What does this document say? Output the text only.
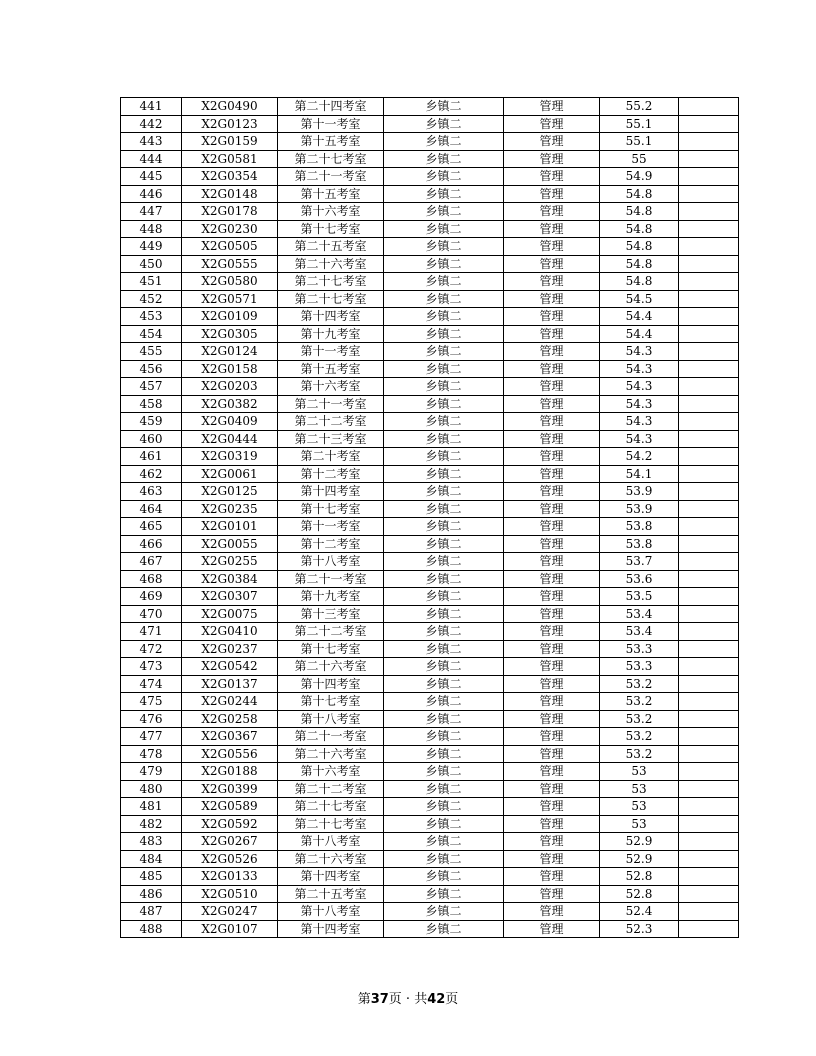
441	X2G0490	第二十四考室	乡镇二	管理	55.2	
442	X2G0123	第十一考室	乡镇二	管理	55.1	
443	X2G0159	第十五考室	乡镇二	管理	55.1	
444	X2G0581	第二十七考室	乡镇二	管理	55	
445	X2G0354	第二十一考室	乡镇二	管理	54.9	
446	X2G0148	第十五考室	乡镇二	管理	54.8	
447	X2G0178	第十六考室	乡镇二	管理	54.8	
448	X2G0230	第十七考室	乡镇二	管理	54.8	
449	X2G0505	第二十五考室	乡镇二	管理	54.8	
450	X2G0555	第二十六考室	乡镇二	管理	54.8	
451	X2G0580	第二十七考室	乡镇二	管理	54.8	
452	X2G0571	第二十七考室	乡镇二	管理	54.5	
453	X2G0109	第十四考室	乡镇二	管理	54.4	
454	X2G0305	第十九考室	乡镇二	管理	54.4	
455	X2G0124	第十一考室	乡镇二	管理	54.3	
456	X2G0158	第十五考室	乡镇二	管理	54.3	
457	X2G0203	第十六考室	乡镇二	管理	54.3	
458	X2G0382	第二十一考室	乡镇二	管理	54.3	
459	X2G0409	第二十二考室	乡镇二	管理	54.3	
460	X2G0444	第二十三考室	乡镇二	管理	54.3	
461	X2G0319	第二十考室	乡镇二	管理	54.2	
462	X2G0061	第十二考室	乡镇二	管理	54.1	
463	X2G0125	第十四考室	乡镇二	管理	53.9	
464	X2G0235	第十七考室	乡镇二	管理	53.9	
465	X2G0101	第十一考室	乡镇二	管理	53.8	
466	X2G0055	第十二考室	乡镇二	管理	53.8	
467	X2G0255	第十八考室	乡镇二	管理	53.7	
468	X2G0384	第二十一考室	乡镇二	管理	53.6	
469	X2G0307	第十九考室	乡镇二	管理	53.5	
470	X2G0075	第十三考室	乡镇二	管理	53.4	
471	X2G0410	第二十二考室	乡镇二	管理	53.4	
472	X2G0237	第十七考室	乡镇二	管理	53.3	
473	X2G0542	第二十六考室	乡镇二	管理	53.3	
474	X2G0137	第十四考室	乡镇二	管理	53.2	
475	X2G0244	第十七考室	乡镇二	管理	53.2	
476	X2G0258	第十八考室	乡镇二	管理	53.2	
477	X2G0367	第二十一考室	乡镇二	管理	53.2	
478	X2G0556	第二十六考室	乡镇二	管理	53.2	
479	X2G0188	第十六考室	乡镇二	管理	53	
480	X2G0399	第二十二考室	乡镇二	管理	53	
481	X2G0589	第二十七考室	乡镇二	管理	53	
482	X2G0592	第二十七考室	乡镇二	管理	53	
483	X2G0267	第十八考室	乡镇二	管理	52.9	
484	X2G0526	第二十六考室	乡镇二	管理	52.9	
485	X2G0133	第十四考室	乡镇二	管理	52.8	
486	X2G0510	第二十五考室	乡镇二	管理	52.8	
487	X2G0247	第十八考室	乡镇二	管理	52.4	
488	X2G0107	第十四考室	乡镇二	管理	52.3	
第37页 · 共42页
